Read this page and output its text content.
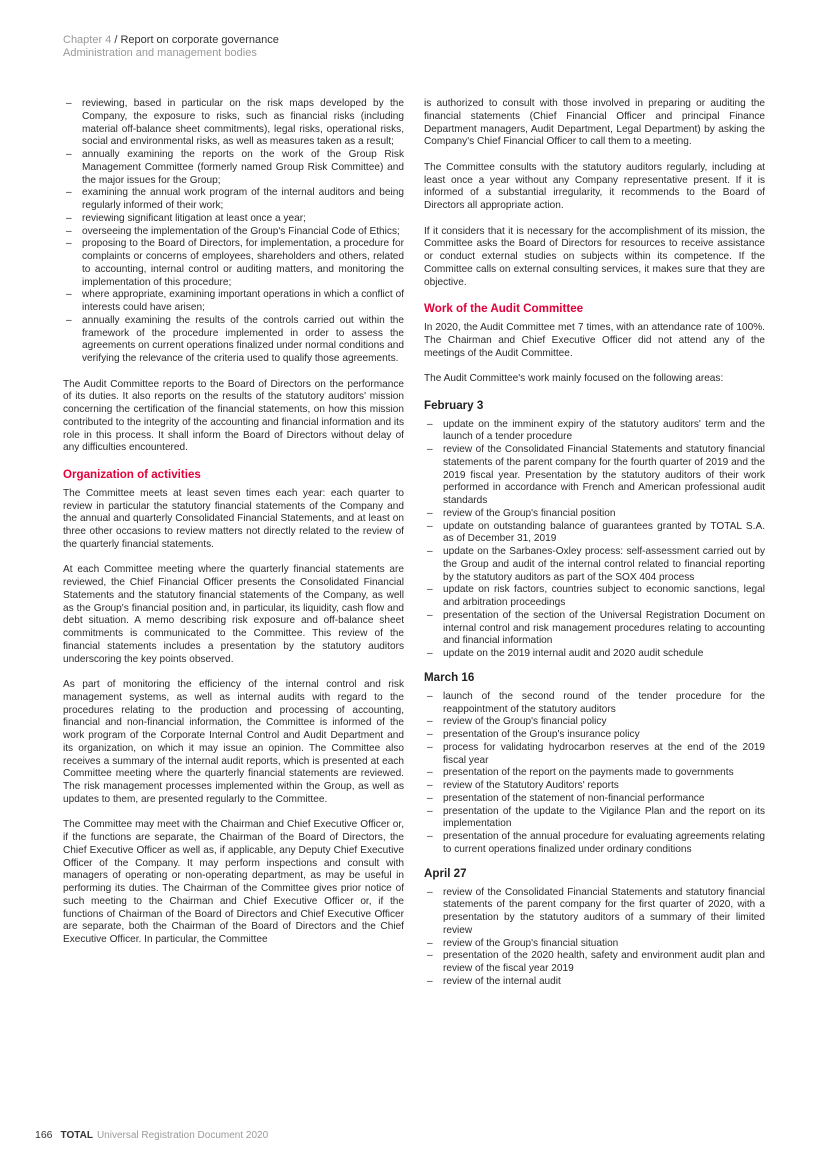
Chapter 4 / Report on corporate governance
Administration and management bodies
– reviewing, based in particular on the risk maps developed by the Company, the exposure to risks, such as financial risks (including material off-balance sheet commitments), legal risks, operational risks, social and environmental risks, as well as measures taken as a result;
– annually examining the reports on the work of the Group Risk Management Committee (formerly named Group Risk Committee) and the major issues for the Group;
– examining the annual work program of the internal auditors and being regularly informed of their work;
– reviewing significant litigation at least once a year;
– overseeing the implementation of the Group's Financial Code of Ethics;
– proposing to the Board of Directors, for implementation, a procedure for complaints or concerns of employees, shareholders and others, related to accounting, internal control or auditing matters, and monitoring the implementation of this procedure;
– where appropriate, examining important operations in which a conflict of interests could have arisen;
– annually examining the results of the controls carried out within the framework of the procedure implemented in order to assess the agreements on current operations finalized under normal conditions and verifying the relevance of the criteria used to qualify those agreements.

The Audit Committee reports to the Board of Directors on the performance of its duties. It also reports on the results of the statutory auditors' mission concerning the certification of the financial statements, on how this mission contributed to the integrity of the accounting and financial information and its role in this process. It shall inform the Board of Directors without delay of any difficulties encountered.

Organization of activities

The Committee meets at least seven times each year: each quarter to review in particular the statutory financial statements of the Company and the annual and quarterly Consolidated Financial Statements, and at least on three other occasions to review matters not directly related to the review of the quarterly financial statements.

At each Committee meeting where the quarterly financial statements are reviewed, the Chief Financial Officer presents the Consolidated Financial Statements and the statutory financial statements of the Company, as well as the Group's financial position and, in particular, its liquidity, cash flow and debt situation. A memo describing risk exposure and off-balance sheet commitments is communicated to the Committee. This review of the financial statements includes a presentation by the statutory auditors underscoring the key points observed.

As part of monitoring the efficiency of the internal control and risk management systems, as well as internal audits with regard to the procedures relating to the production and processing of accounting, financial and non-financial information, the Committee is informed of the work program of the Corporate Internal Control and Audit Department and its organization, on which it may issue an opinion. The Committee also receives a summary of the internal audit reports, which is presented at each Committee meeting where the quarterly financial statements are reviewed. The risk management processes implemented within the Group, as well as updates to them, are presented regularly to the Committee.

The Committee may meet with the Chairman and Chief Executive Officer or, if the functions are separate, the Chairman of the Board of Directors, the Chief Executive Officer as well as, if applicable, any Deputy Chief Executive Officer of the Company. It may perform inspections and consult with managers of operating or non-operating department, as may be useful in performing its duties. The Chairman of the Committee gives prior notice of such meeting to the Chairman and Chief Executive Officer or, if the functions of Chairman of the Board of Directors and Chief Executive Officer are separate, both the Chairman of the Board of Directors and the Chief Executive Officer. In particular, the Committee

is authorized to consult with those involved in preparing or auditing the financial statements (Chief Financial Officer and principal Finance Department managers, Audit Department, Legal Department) by asking the Company's Chief Financial Officer to call them to a meeting.

The Committee consults with the statutory auditors regularly, including at least once a year without any Company representative present. If it is informed of a substantial irregularity, it recommends to the Board of Directors all appropriate action.

If it considers that it is necessary for the accomplishment of its mission, the Committee asks the Board of Directors for resources to receive assistance or conduct external studies on subjects within its competence. If the Committee calls on external consulting services, it makes sure that they are objective.

Work of the Audit Committee

In 2020, the Audit Committee met 7 times, with an attendance rate of 100%. The Chairman and Chief Executive Officer did not attend any of the meetings of the Audit Committee.

The Audit Committee's work mainly focused on the following areas:

February 3
– update on the imminent expiry of the statutory auditors' term and the launch of a tender procedure
– review of the Consolidated Financial Statements and statutory financial statements of the parent company for the fourth quarter of 2019 and the 2019 fiscal year. Presentation by the statutory auditors of their work performed in accordance with French and American professional audit standards
– review of the Group's financial position
– update on outstanding balance of guarantees granted by TOTAL S.A. as of December 31, 2019
– update on the Sarbanes-Oxley process: self-assessment carried out by the Group and audit of the internal control related to financial reporting by the statutory auditors as part of the SOX 404 process
– update on risk factors, countries subject to economic sanctions, legal and arbitration proceedings
– presentation of the section of the Universal Registration Document on internal control and risk management procedures relating to accounting and financial information
– update on the 2019 internal audit and 2020 audit schedule
March 16
– launch of the second round of the tender procedure for the reappointment of the statutory auditors
– review of the Group's financial policy
– presentation of the Group's insurance policy
– process for validating hydrocarbon reserves at the end of the 2019 fiscal year
– presentation of the report on the payments made to governments
– review of the Statutory Auditors' reports
– presentation of the statement of non-financial performance
– presentation of the update to the Vigilance Plan and the report on its implementation
– presentation of the annual procedure for evaluating agreements relating to current operations finalized under ordinary conditions
April 27
– review of the Consolidated Financial Statements and statutory financial statements of the parent company for the first quarter of 2020, with a presentation by the statutory auditors of a summary of their limited review
– review of the Group's financial situation
– presentation of the 2020 health, safety and environment audit plan and review of the fiscal year 2019
– review of the internal audit
166 TOTAL Universal Registration Document 2020
